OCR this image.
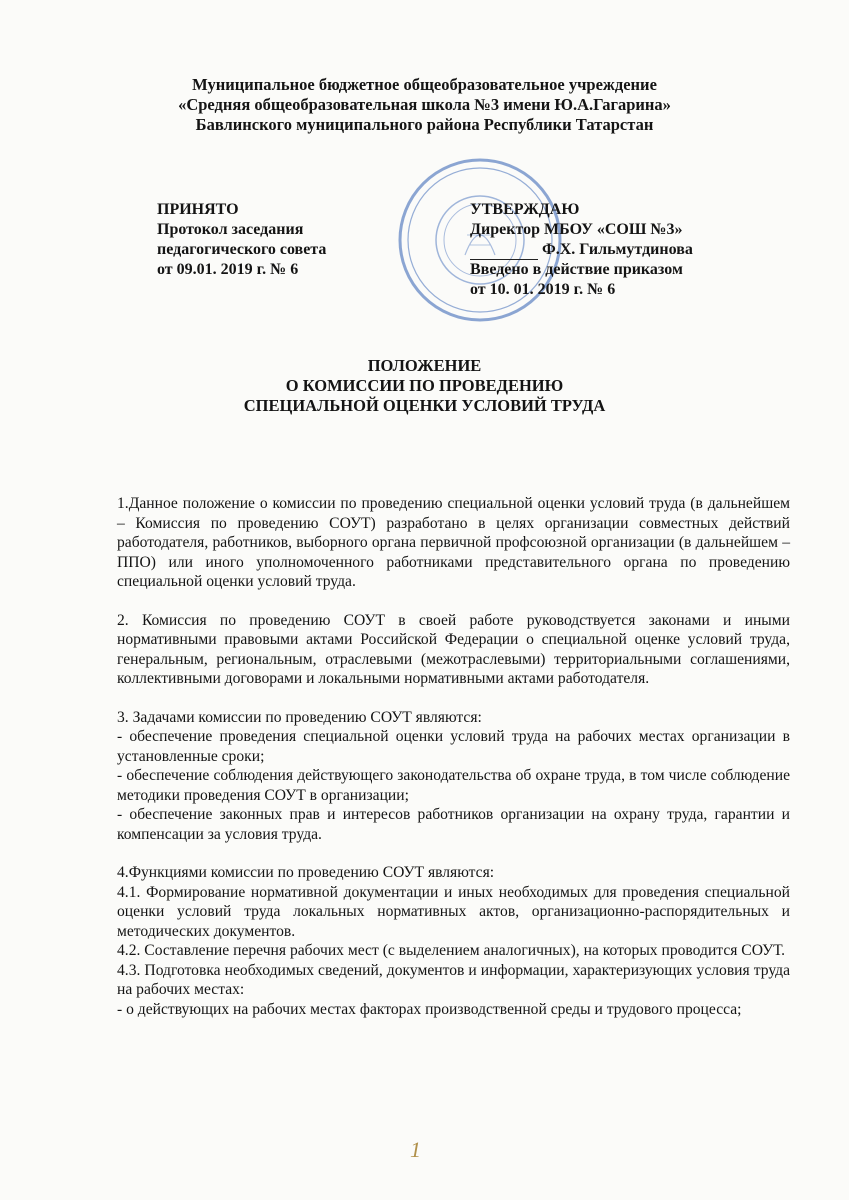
Муниципальное бюджетное общеобразовательное учреждение
«Средняя общеобразовательная школа №3 имени Ю.А.Гагарина»
Бавлинского муниципального района Республики Татарстан
ПРИНЯТО
Протокол заседания
педагогического совета
от 09.01. 2019 г. № 6
УТВЕРЖДАЮ
Директор МБОУ «СОШ №3»
Ф.Х. Гильмутдинова
Введено в действие приказом
от 10. 01. 2019 г. № 6
ПОЛОЖЕНИЕ
О КОМИССИИ ПО ПРОВЕДЕНИЮ
СПЕЦИАЛЬНОЙ ОЦЕНКИ УСЛОВИЙ ТРУДА

1.Данное положение о комиссии по проведению специальной оценки условий труда (в дальнейшем – Комиссия по проведению СОУТ) разработано в целях организации совместных действий работодателя, работников, выборного органа первичной профсоюзной организации (в дальнейшем – ППО) или иного уполномоченного работниками представительного органа по проведению специальной оценки условий труда.

2. Комиссия по проведению СОУТ в своей работе руководствуется законами и иными нормативными правовыми актами Российской Федерации о специальной оценке условий труда, генеральным, региональным, отраслевыми (межотраслевыми) территориальными соглашениями, коллективными договорами и локальными нормативными актами работодателя.

3. Задачами комиссии по проведению СОУТ являются:

- обеспечение проведения специальной оценки условий труда на рабочих местах организации в установленные сроки;

- обеспечение соблюдения действующего законодательства об охране труда, в том числе соблюдение методики проведения СОУТ в организации;

- обеспечение законных прав и интересов работников организации на охрану труда, гарантии и компенсации за условия труда.

4.Функциями комиссии по проведению СОУТ являются:

4.1. Формирование нормативной документации и иных необходимых для проведения специальной оценки условий труда локальных нормативных актов, организационно-распорядительных и методических документов.

4.2. Составление перечня рабочих мест (с выделением аналогичных), на которых проводится СОУТ.

4.3. Подготовка необходимых сведений, документов и информации, характеризующих условия труда на рабочих местах:

- о действующих на рабочих местах факторах производственной среды и трудового процесса;

1
